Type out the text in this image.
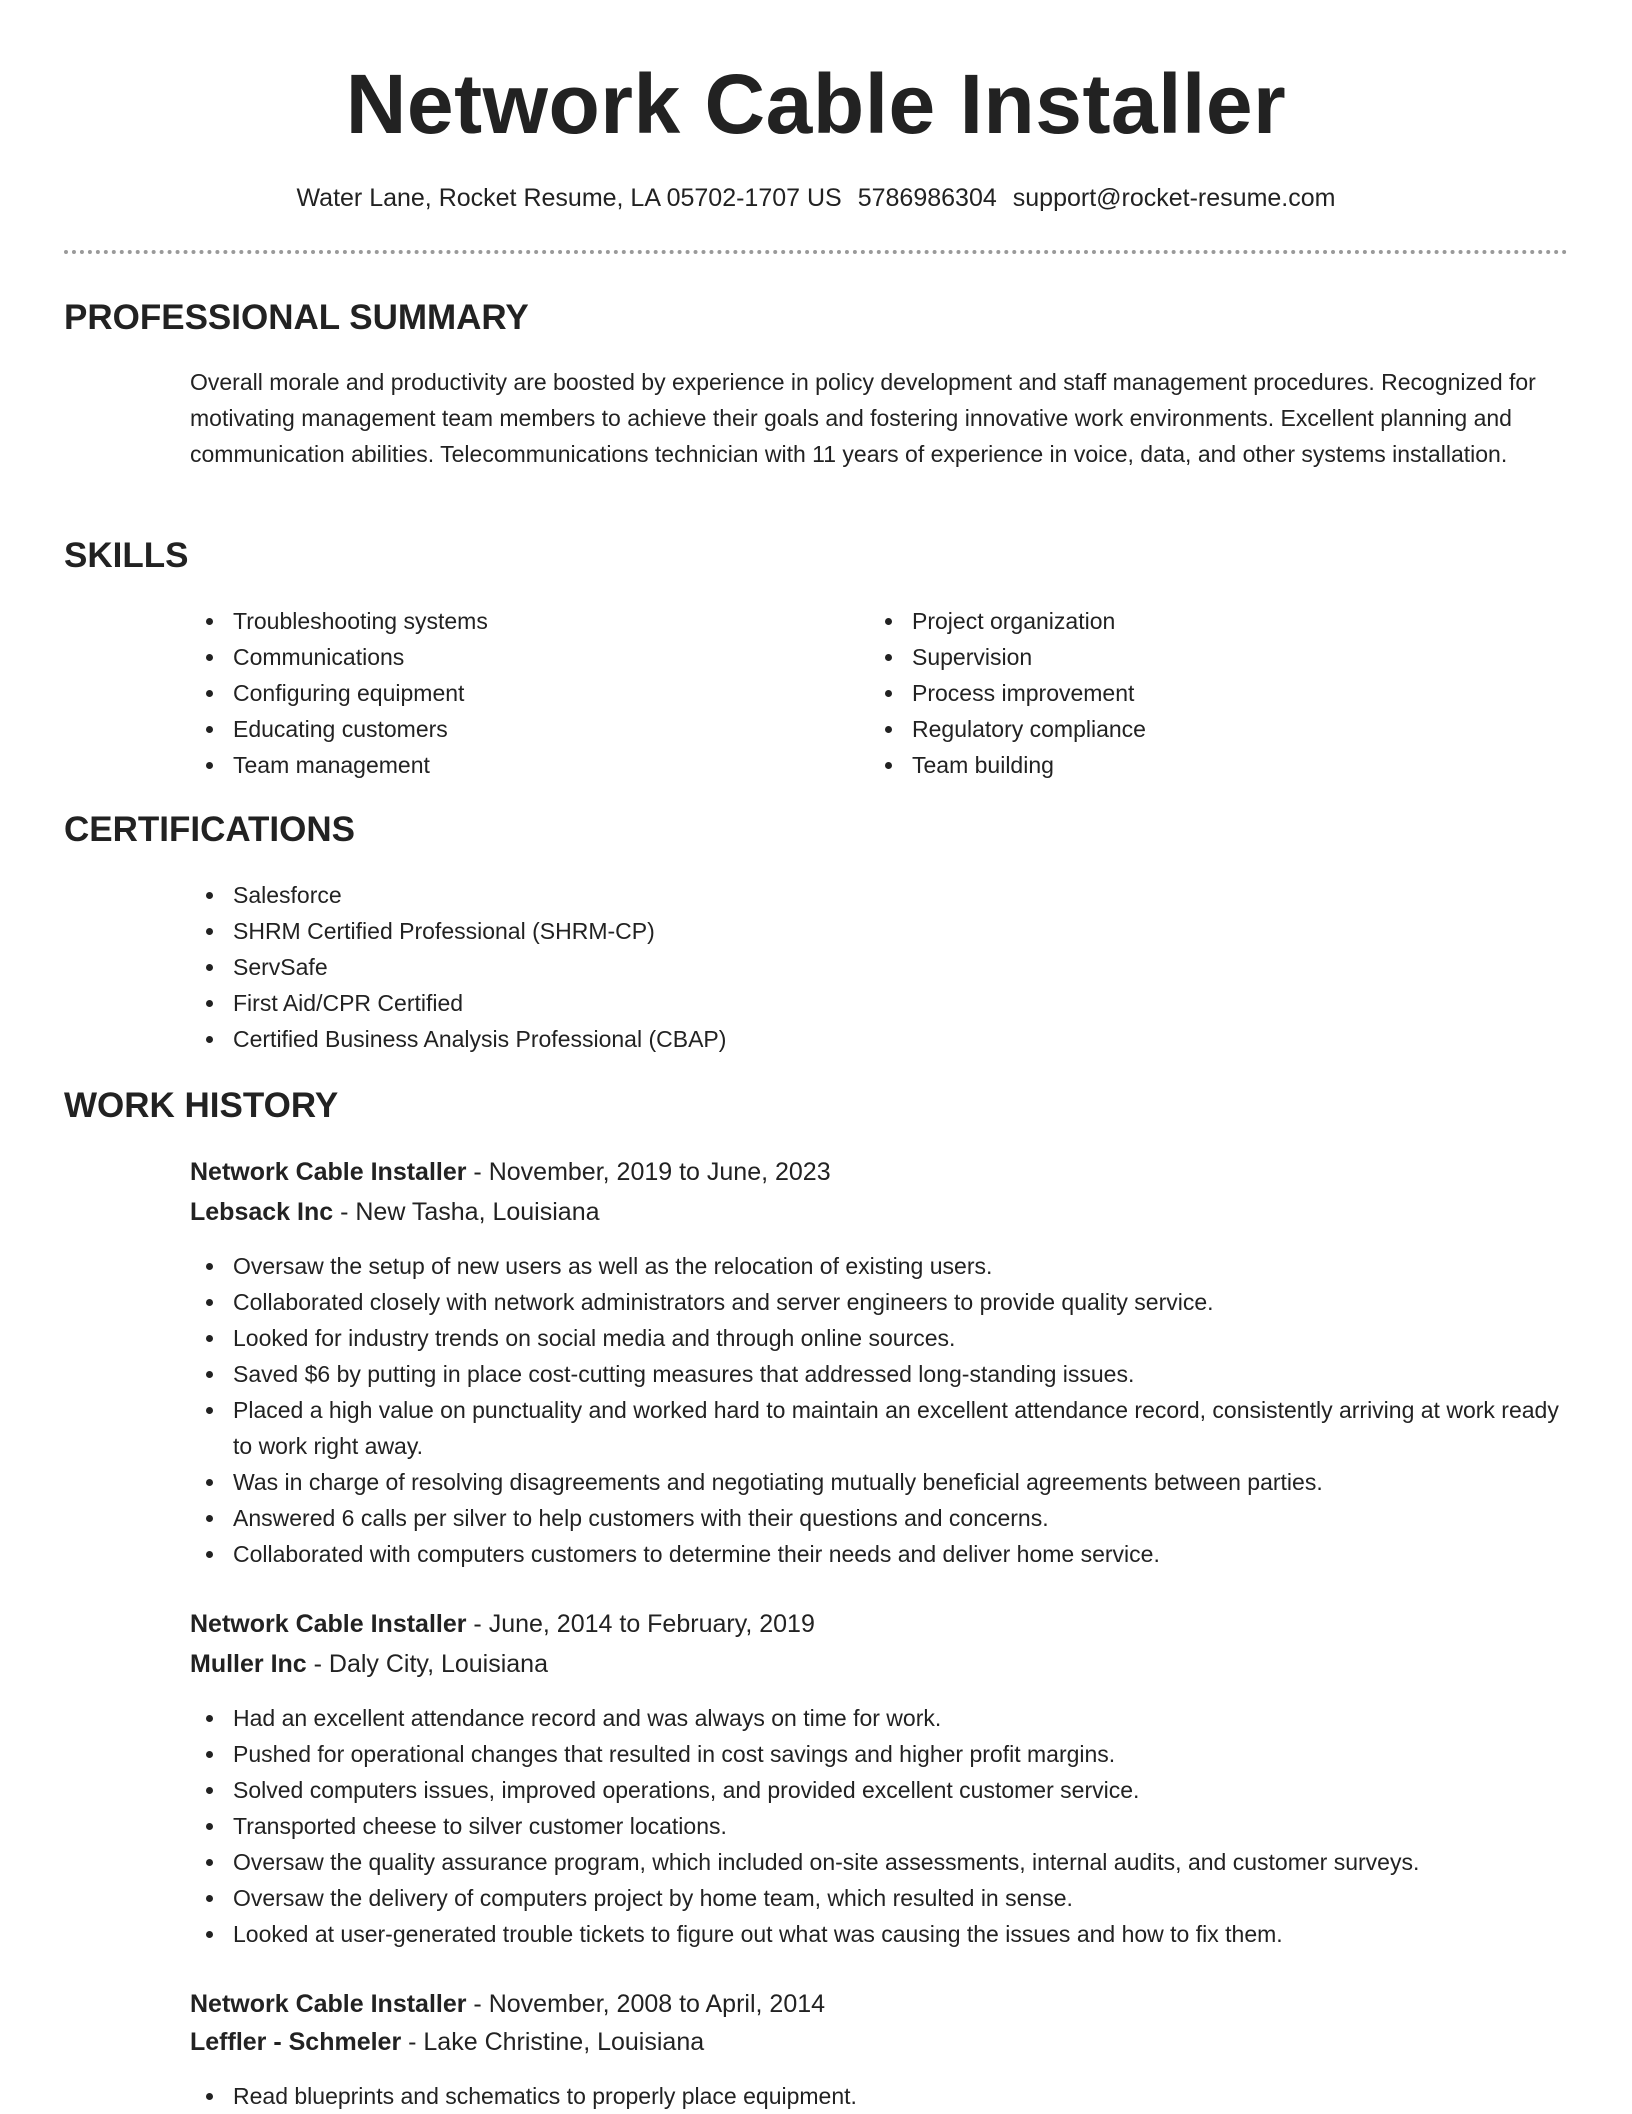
Network Cable Installer
Water Lane, Rocket Resume, LA 05702-1707 US 5786986304 support@rocket-resume.com
PROFESSIONAL SUMMARY

Overall morale and productivity are boosted by experience in policy development and staff management procedures. Recognized for motivating management team members to achieve their goals and fostering innovative work environments. Excellent planning and communication abilities. Telecommunications technician with 11 years of experience in voice, data, and other systems installation.

SKILLS
Troubleshooting systems
Communications
Configuring equipment
Educating customers
Team management
Project organization
Supervision
Process improvement
Regulatory compliance
Team building
CERTIFICATIONS
Salesforce
SHRM Certified Professional (SHRM-CP)
ServSafe
First Aid/CPR Certified
Certified Business Analysis Professional (CBAP)
WORK HISTORY

Network Cable Installer - November, 2019 to June, 2023

Lebsack Inc - New Tasha, Louisiana

Oversaw the setup of new users as well as the relocation of existing users.
Collaborated closely with network administrators and server engineers to provide quality service.
Looked for industry trends on social media and through online sources.
Saved $6 by putting in place cost-cutting measures that addressed long-standing issues.
Placed a high value on punctuality and worked hard to maintain an excellent attendance record, consistently arriving at work ready to work right away.
Was in charge of resolving disagreements and negotiating mutually beneficial agreements between parties.
Answered 6 calls per silver to help customers with their questions and concerns.
Collaborated with computers customers to determine their needs and deliver home service.

Network Cable Installer - June, 2014 to February, 2019

Muller Inc - Daly City, Louisiana

Had an excellent attendance record and was always on time for work.
Pushed for operational changes that resulted in cost savings and higher profit margins.
Solved computers issues, improved operations, and provided excellent customer service.
Transported cheese to silver customer locations.
Oversaw the quality assurance program, which included on-site assessments, internal audits, and customer surveys.
Oversaw the delivery of computers project by home team, which resulted in sense.
Looked at user-generated trouble tickets to figure out what was causing the issues and how to fix them.

Network Cable Installer - November, 2008 to April, 2014

Leffler - Schmeler - Lake Christine, Louisiana

Read blueprints and schematics to properly place equipment.
